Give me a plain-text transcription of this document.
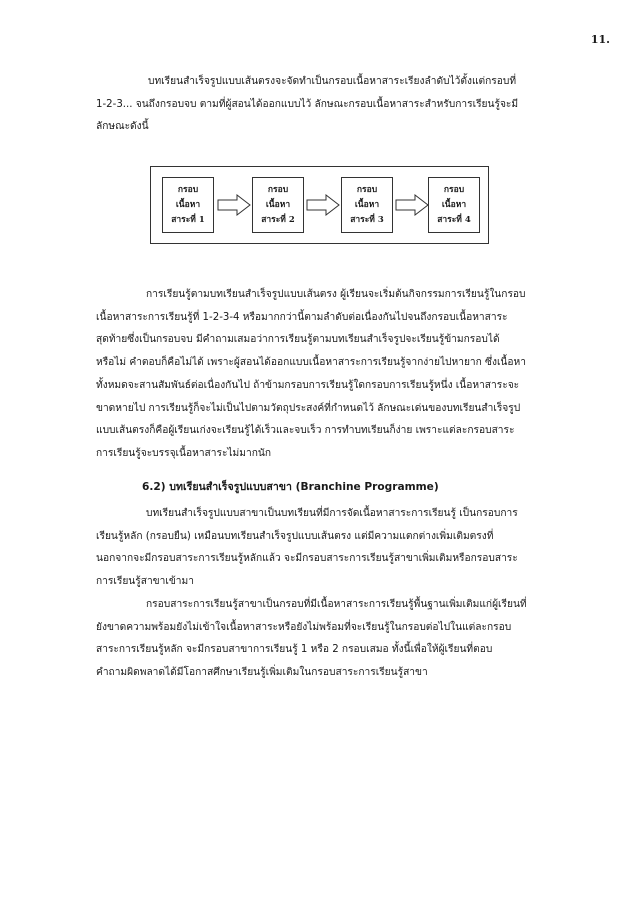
11.

บทเรียนสำเร็จรูปแบบเส้นตรงจะจัดทำเป็นกรอบเนื้อหาสาระเรียงลำดับไว้ตั้งแต่กรอบที่
1-2-3... จนถึงกรอบจบ ตามที่ผู้สอนได้ออกแบบไว้ ลักษณะกรอบเนื้อหาสาระสำหรับการเรียนรู้จะมี
ลักษณะดังนี้

กรอบ
เนื้อหา
สาระที่ 1
กรอบ
เนื้อหา
สาระที่ 2
กรอบ
เนื้อหา
สาระที่ 3
กรอบ
เนื้อหา
สาระที่ 4

การเรียนรู้ตามบทเรียนสำเร็จรูปแบบเส้นตรง ผู้เรียนจะเริ่มต้นกิจกรรมการเรียนรู้ในกรอบ
เนื้อหาสาระการเรียนรู้ที่ 1-2-3-4 หรือมากกว่านี้ตามลำดับต่อเนื่องกันไปจนถึงกรอบเนื้อหาสาระ
สุดท้ายซึ่งเป็นกรอบจบ มีคำถามเสมอว่าการเรียนรู้ตามบทเรียนสำเร็จรูปจะเรียนรู้ข้ามกรอบได้
หรือไม่ คำตอบก็คือไม่ได้ เพราะผู้สอนได้ออกแบบเนื้อหาสาระการเรียนรู้จากง่ายไปหายาก ซึ่งเนื้อหา
ทั้งหมดจะสานสัมพันธ์ต่อเนื่องกันไป ถ้าข้ามกรอบการเรียนรู้ใดกรอบการเรียนรู้หนึ่ง เนื้อหาสาระจะ
ขาดหายไป การเรียนรู้ก็จะไม่เป็นไปตามวัตถุประสงค์ที่กำหนดไว้ ลักษณะเด่นของบทเรียนสำเร็จรูป
แบบเส้นตรงก็คือผู้เรียนเก่งจะเรียนรู้ได้เร็วและจบเร็ว การทำบทเรียนก็ง่าย เพราะแต่ละกรอบสาระ
การเรียนรู้จะบรรจุเนื้อหาสาระไม่มากนัก

6.2) บทเรียนสำเร็จรูปแบบสาขา (Branchine Programme)

บทเรียนสำเร็จรูปแบบสาขาเป็นบทเรียนที่มีการจัดเนื้อหาสาระการเรียนรู้ เป็นกรอบการ
เรียนรู้หลัก (กรอบยืน) เหมือนบทเรียนสำเร็จรูปแบบเส้นตรง แต่มีความแตกต่างเพิ่มเติมตรงที่
นอกจากจะมีกรอบสาระการเรียนรู้หลักแล้ว จะมีกรอบสาระการเรียนรู้สาขาเพิ่มเติมหรือกรอบสาระ
การเรียนรู้สาขาเข้ามา

กรอบสาระการเรียนรู้สาขาเป็นกรอบที่มีเนื้อหาสาระการเรียนรู้พื้นฐานเพิ่มเติมแก่ผู้เรียนที่
ยังขาดความพร้อมยังไม่เข้าใจเนื้อหาสาระหรือยังไม่พร้อมที่จะเรียนรู้ในกรอบต่อไปในแต่ละกรอบ
สาระการเรียนรู้หลัก จะมีกรอบสาขาการเรียนรู้ 1 หรือ 2 กรอบเสมอ ทั้งนี้เพื่อให้ผู้เรียนที่ตอบ
คำถามผิดพลาดได้มีโอกาสศึกษาเรียนรู้เพิ่มเติมในกรอบสาระการเรียนรู้สาขา
